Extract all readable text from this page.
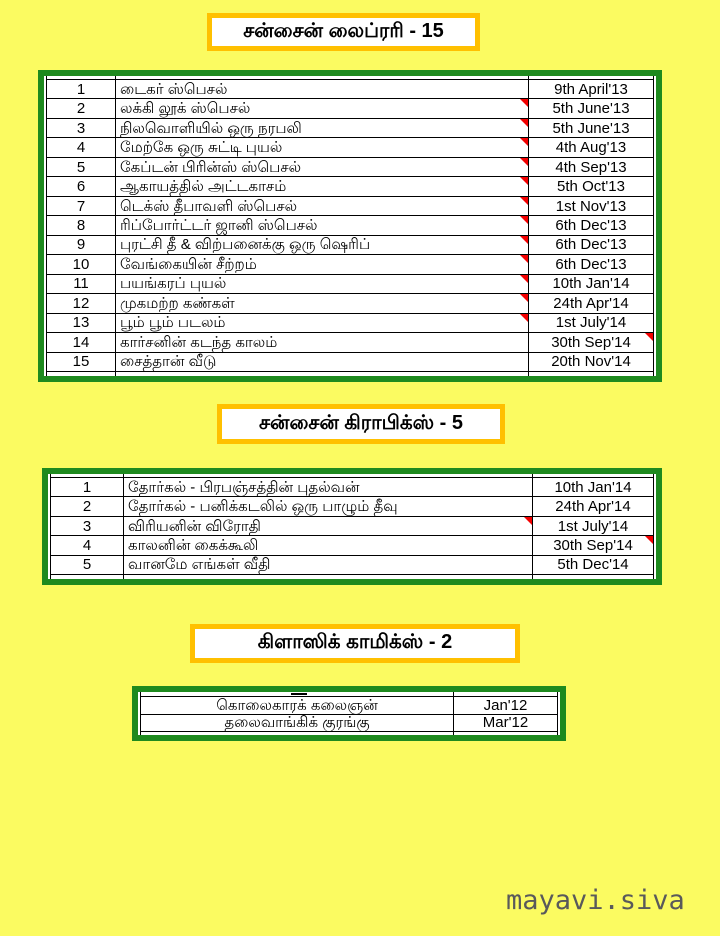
சன்சைன் லைப்ரரி - 15
1	டைகர் ஸ்பெசல்	9th April'13
2	லக்கி லூக் ஸ்பெசல்	5th June'13
3	நிலவொளியில் ஒரு நரபலி	5th June'13
4	மேற்கே ஒரு சுட்டி புயல்	4th Aug'13
5	கேப்டன் பிரின்ஸ் ஸ்பெசல்	4th Sep'13
6	ஆகாயத்தில் அட்டகாசம்	5th Oct'13
7	டெக்ஸ் தீபாவளி ஸ்பெசல்	1st Nov'13
8	ரிப்போர்ட்டர் ஜானி ஸ்பெசல்	6th Dec'13
9	புரட்சி தீ & விற்பனைக்கு ஒரு ஷெரிப்	6th Dec'13
10	வேங்கையின் சீற்றம்	6th Dec'13
11	பயங்கரப் புயல்	10th Jan'14
12	முகமற்ற கண்கள்	24th Apr'14
13	பூம் பூம் படலம்	1st July'14
14	கார்சனின் கடந்த காலம்	30th Sep'14
15	சைத்தான் வீடு	20th Nov'14
சன்சைன் கிராபிக்ஸ் - 5
1	தோர்கல் - பிரபஞ்சத்தின் புதல்வன்	10th Jan'14
2	தோர்கல் - பனிக்கடலில் ஒரு பாழும் தீவு	24th Apr'14
3	விரியனின் விரோதி	1st July'14
4	காலனின் கைக்கூலி	30th Sep'14
5	வானமே எங்கள் வீதி	5th Dec'14
கிளாஸிக் காமிக்ஸ் - 2
கொலைகாரக் கலைஞன்	Jan'12
தலைவாங்கிக் குரங்கு	Mar'12
mayavi.siva
